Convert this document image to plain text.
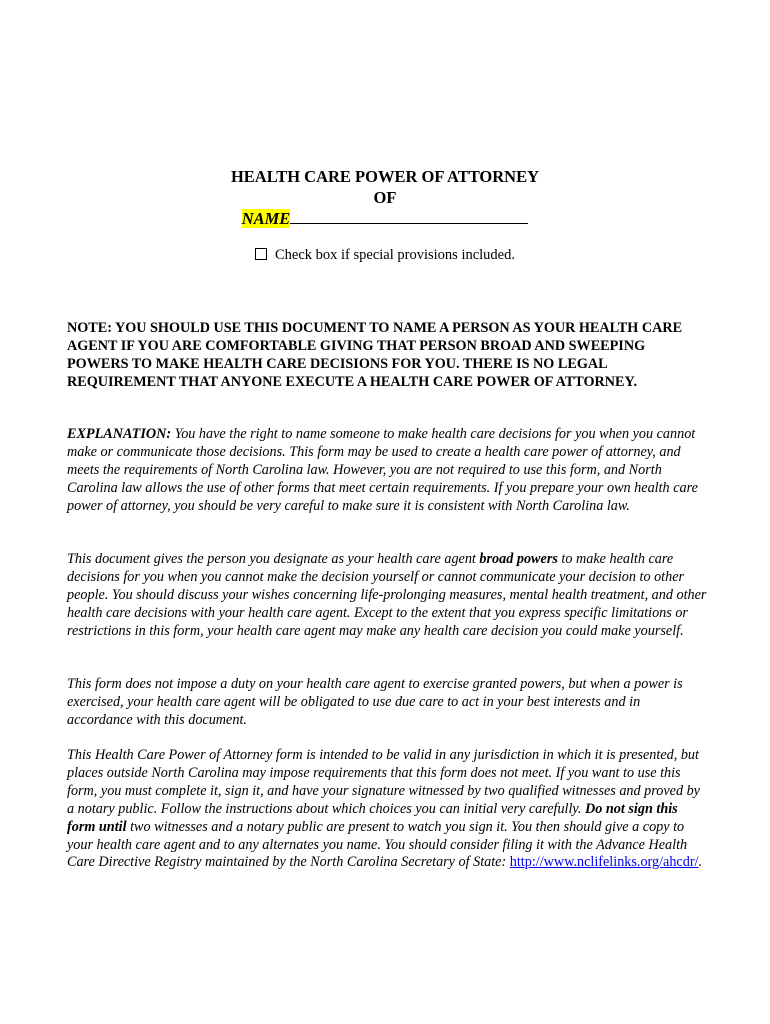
HEALTH CARE POWER OF ATTORNEY
OF
NAME
Check box if special provisions included.
NOTE: YOU SHOULD USE THIS DOCUMENT TO NAME A PERSON AS YOUR HEALTH CARE AGENT IF YOU ARE COMFORTABLE GIVING THAT PERSON BROAD AND SWEEPING POWERS TO MAKE HEALTH CARE DECISIONS FOR YOU. THERE IS NO LEGAL REQUIREMENT THAT ANYONE EXECUTE A HEALTH CARE POWER OF ATTORNEY.
EXPLANATION: You have the right to name someone to make health care decisions for you when you cannot make or communicate those decisions. This form may be used to create a health care power of attorney, and meets the requirements of North Carolina law. However, you are not required to use this form, and North Carolina law allows the use of other forms that meet certain requirements. If you prepare your own health care power of attorney, you should be very careful to make sure it is consistent with North Carolina law.
This document gives the person you designate as your health care agent broad powers to make health care decisions for you when you cannot make the decision yourself or cannot communicate your decision to other people. You should discuss your wishes concerning life-prolonging measures, mental health treatment, and other health care decisions with your health care agent. Except to the extent that you express specific limitations or restrictions in this form, your health care agent may make any health care decision you could make yourself.
This form does not impose a duty on your health care agent to exercise granted powers, but when a power is exercised, your health care agent will be obligated to use due care to act in your best interests and in accordance with this document.
This Health Care Power of Attorney form is intended to be valid in any jurisdiction in which it is presented, but places outside North Carolina may impose requirements that this form does not meet. If you want to use this form, you must complete it, sign it, and have your signature witnessed by two qualified witnesses and proved by a notary public. Follow the instructions about which choices you can initial very carefully. Do not sign this form until two witnesses and a notary public are present to watch you sign it. You then should give a copy to your health care agent and to any alternates you name. You should consider filing it with the Advance Health Care Directive Registry maintained by the North Carolina Secretary of State: http://www.nclifelinks.org/ahcdr/.
